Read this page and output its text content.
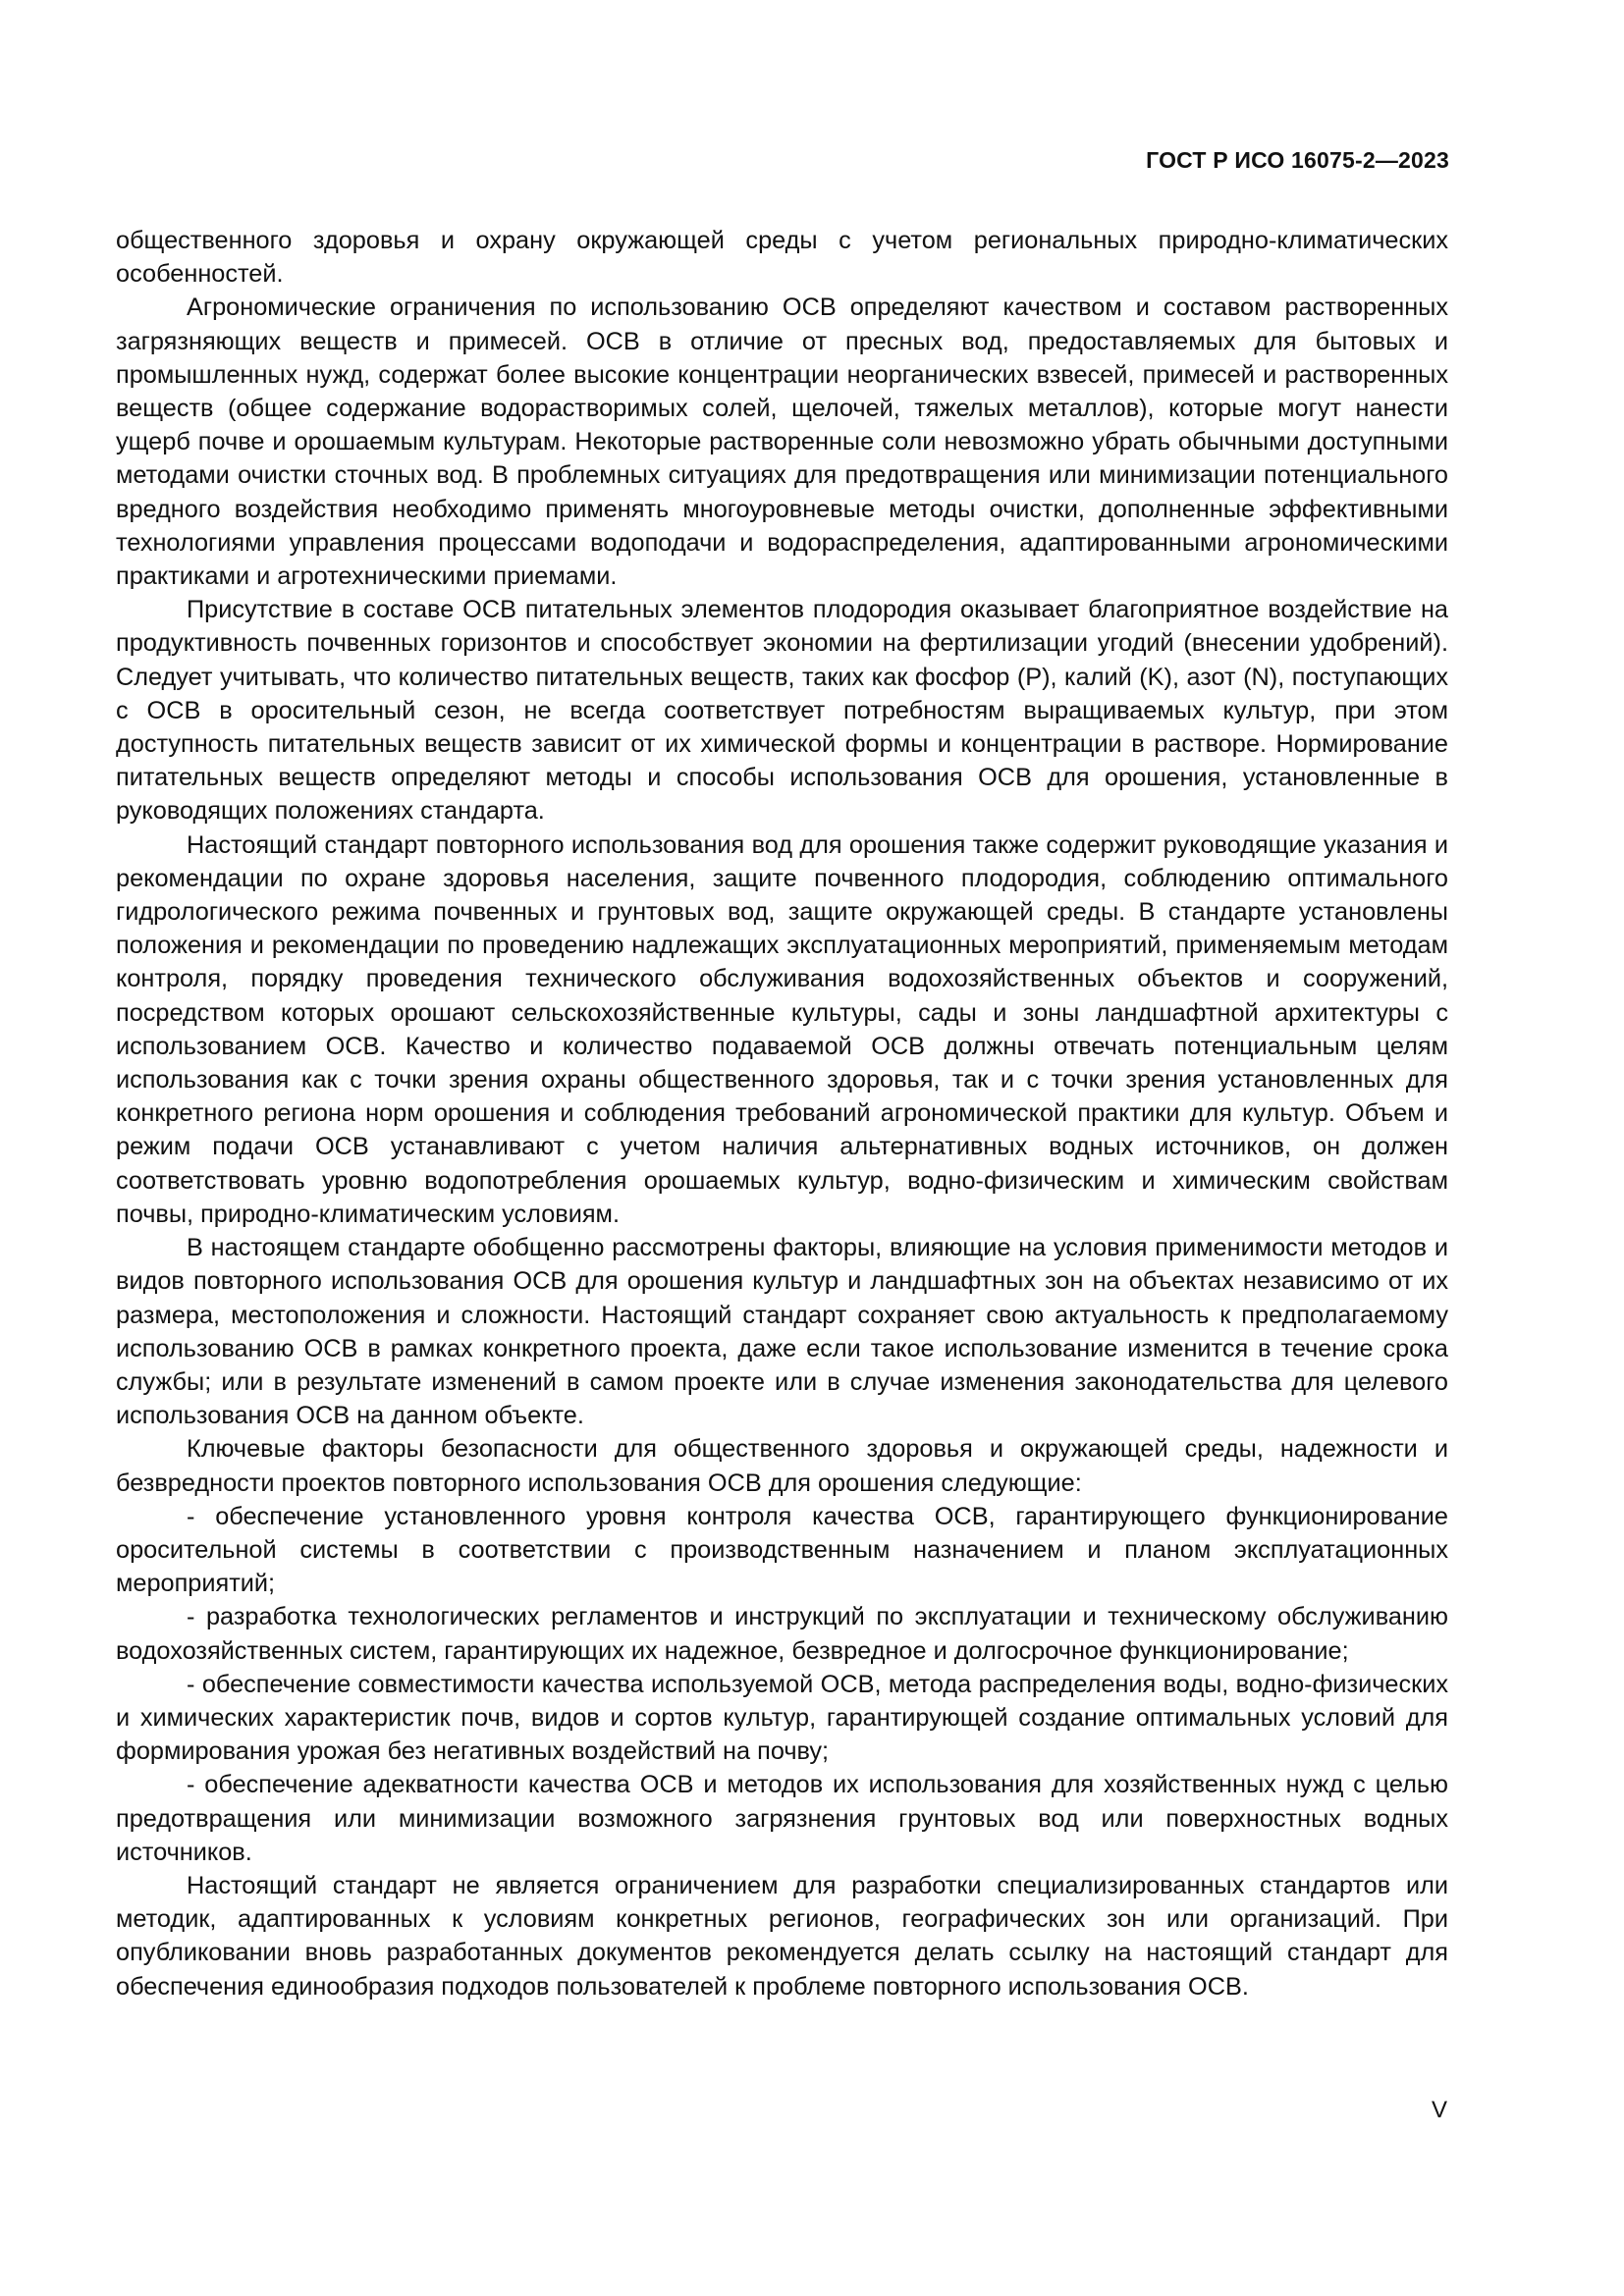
ГОСТ Р ИСО 16075-2—2023

общественного здоровья и охрану окружающей среды с учетом региональных природно-климатических особенностей.

Агрономические ограничения по использованию ОСВ определяют качеством и составом растворенных загрязняющих веществ и примесей. ОСВ в отличие от пресных вод, предоставляемых для бытовых и промышленных нужд, содержат более высокие концентрации неорганических взвесей, примесей и растворенных веществ (общее содержание водорастворимых солей, щелочей, тяжелых металлов), которые могут нанести ущерб почве и орошаемым культурам. Некоторые растворенные соли невозможно убрать обычными доступными методами очистки сточных вод. В проблемных ситуациях для предотвращения или минимизации потенциального вредного воздействия необходимо применять многоуровневые методы очистки, дополненные эффективными технологиями управления процессами водоподачи и водораспределения, адаптированными агрономическими практиками и агротехническими приемами.

Присутствие в составе ОСВ питательных элементов плодородия оказывает благоприятное воздействие на продуктивность почвенных горизонтов и способствует экономии на фертилизации угодий (внесении удобрений). Следует учитывать, что количество питательных веществ, таких как фосфор (P), калий (K), азот (N), поступающих с ОСВ в оросительный сезон, не всегда соответствует потребностям выращиваемых культур, при этом доступность питательных веществ зависит от их химической формы и концентрации в растворе. Нормирование питательных веществ определяют методы и способы использования ОСВ для орошения, установленные в руководящих положениях стандарта.

Настоящий стандарт повторного использования вод для орошения также содержит руководящие указания и рекомендации по охране здоровья населения, защите почвенного плодородия, соблюдению оптимального гидрологического режима почвенных и грунтовых вод, защите окружающей среды. В стандарте установлены положения и рекомендации по проведению надлежащих эксплуатационных мероприятий, применяемым методам контроля, порядку проведения технического обслуживания водохозяйственных объектов и сооружений, посредством которых орошают сельскохозяйственные культуры, сады и зоны ландшафтной архитектуры с использованием ОСВ. Качество и количество подаваемой ОСВ должны отвечать потенциальным целям использования как с точки зрения охраны общественного здоровья, так и с точки зрения установленных для конкретного региона норм орошения и соблюдения требований агрономической практики для культур. Объем и режим подачи ОСВ устанавливают с учетом наличия альтернативных водных источников, он должен соответствовать уровню водопотребления орошаемых культур, водно-физическим и химическим свойствам почвы, природно-климатическим условиям.

В настоящем стандарте обобщенно рассмотрены факторы, влияющие на условия применимости методов и видов повторного использования ОСВ для орошения культур и ландшафтных зон на объектах независимо от их размера, местоположения и сложности. Настоящий стандарт сохраняет свою актуальность к предполагаемому использованию ОСВ в рамках конкретного проекта, даже если такое использование изменится в течение срока службы; или в результате изменений в самом проекте или в случае изменения законодательства для целевого использования ОСВ на данном объекте.

Ключевые факторы безопасности для общественного здоровья и окружающей среды, надежности и безвредности проектов повторного использования ОСВ для орошения следующие:

- обеспечение установленного уровня контроля качества ОСВ, гарантирующего функционирование оросительной системы в соответствии с производственным назначением и планом эксплуатационных мероприятий;

- разработка технологических регламентов и инструкций по эксплуатации и техническому обслуживанию водохозяйственных систем, гарантирующих их надежное, безвредное и долгосрочное функционирование;

- обеспечение совместимости качества используемой ОСВ, метода распределения воды, водно-физических и химических характеристик почв, видов и сортов культур, гарантирующей создание оптимальных условий для формирования урожая без негативных воздействий на почву;

- обеспечение адекватности качества ОСВ и методов их использования для хозяйственных нужд с целью предотвращения или минимизации возможного загрязнения грунтовых вод или поверхностных водных источников.

Настоящий стандарт не является ограничением для разработки специализированных стандартов или методик, адаптированных к условиям конкретных регионов, географических зон или организаций. При опубликовании вновь разработанных документов рекомендуется делать ссылку на настоящий стандарт для обеспечения единообразия подходов пользователей к проблеме повторного использования ОСВ.

V
